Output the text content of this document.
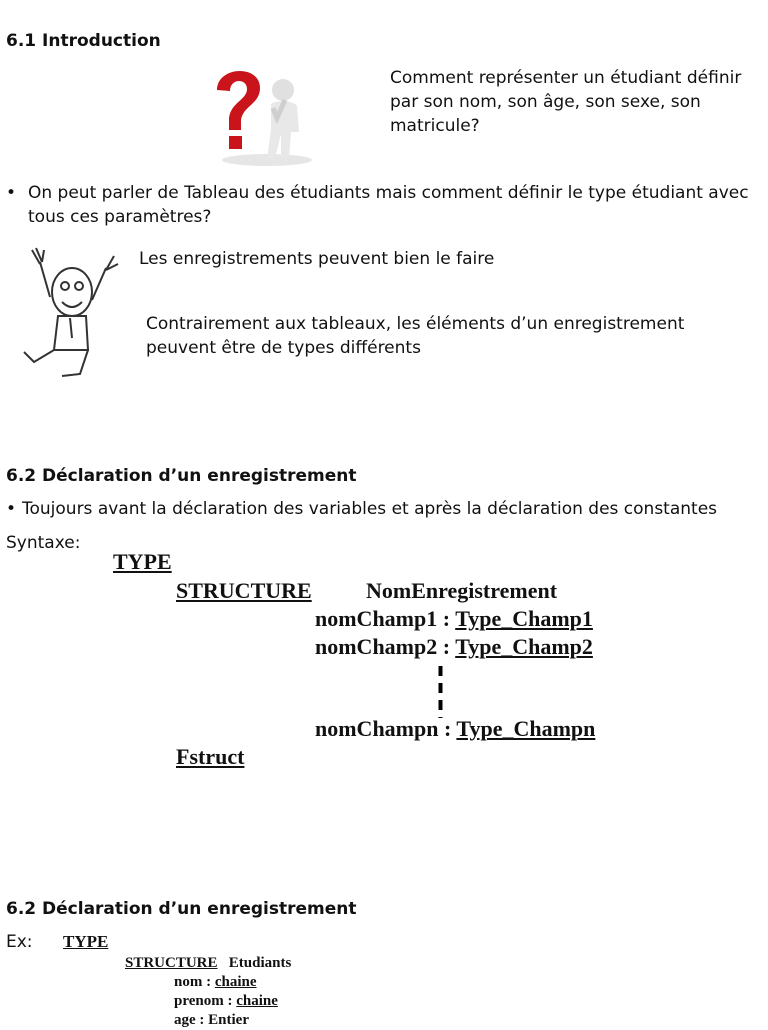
6.1 Introduction
Comment représenter un étudiant définir par son nom, son âge, son sexe, son matricule?
• On peut parler de Tableau des étudiants mais comment définir le type étudiant avec tous ces paramètres?
Les enregistrements peuvent bien le faire
Contrairement aux tableaux, les éléments d’un enregistrement peuvent être de types différents
6.2 Déclaration d’un enregistrement
• Toujours avant la déclaration des variables et après la déclaration des constantes
Syntaxe:
TYPE
STRUCTURE NomEnregistrement
nomChamp1 : Type_Champ1
nomChamp2 : Type_Champ2
nomChampn : Type_Champn
Fstruct
6.2 Déclaration d’un enregistrement
Ex: TYPE
STRUCTURE Etudiants
nom : chaine
prenom : chaine
age : Entier
